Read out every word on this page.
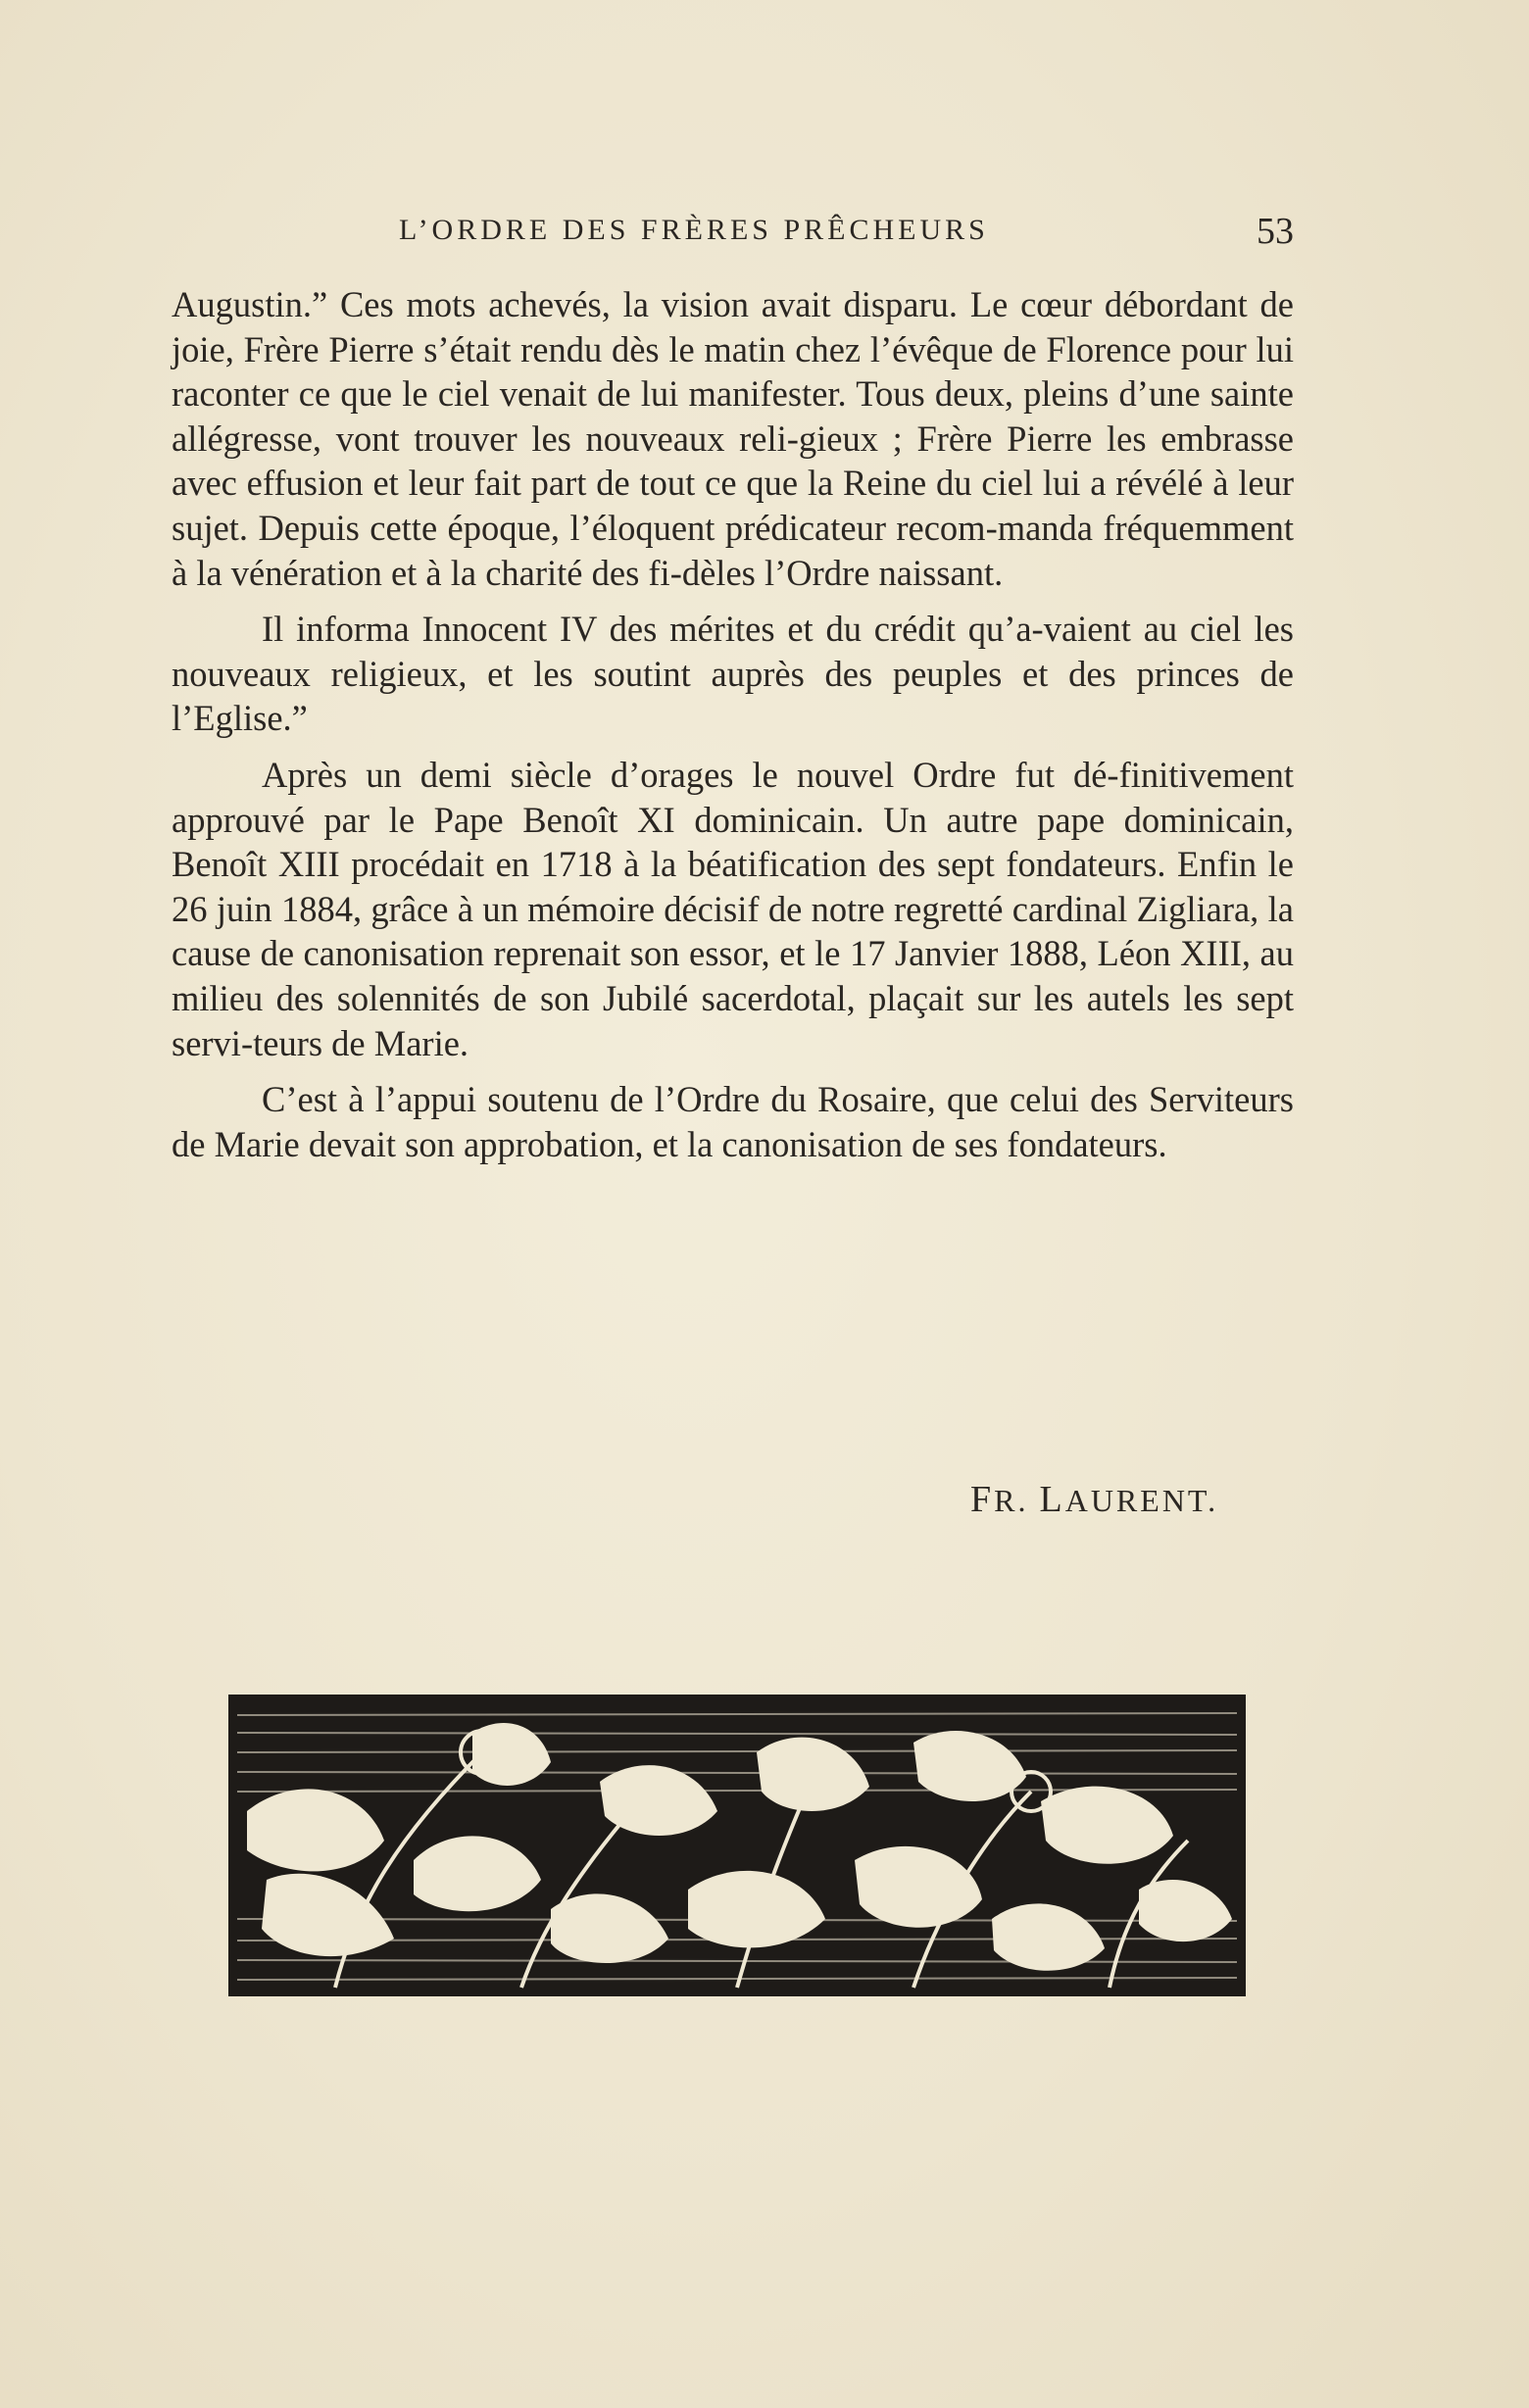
L’ORDRE DES FRÈRES PRÊCHEURS	53

Augustin.” Ces mots achevés, la vision avait disparu. Le cœur débordant de joie, Frère Pierre s’était rendu dès le matin chez l’évêque de Florence pour lui raconter ce que le ciel venait de lui manifester. Tous deux, pleins d’une sainte allégresse, vont trouver les nouveaux reli-gieux ; Frère Pierre les embrasse avec effusion et leur fait part de tout ce que la Reine du ciel lui a révélé à leur sujet. Depuis cette époque, l’éloquent prédicateur recom-manda fréquemment à la vénération et à la charité des fi-dèles l’Ordre naissant.

Il informa Innocent IV des mérites et du crédit qu’a-vaient au ciel les nouveaux religieux, et les soutint auprès des peuples et des princes de l’Eglise.”

Après un demi siècle d’orages le nouvel Ordre fut dé-finitivement approuvé par le Pape Benoît XI dominicain. Un autre pape dominicain, Benoît XIII procédait en 1718 à la béatification des sept fondateurs. Enfin le 26 juin 1884, grâce à un mémoire décisif de notre regretté cardinal Zigliara, la cause de canonisation reprenait son essor, et le 17 Janvier 1888, Léon XIII, au milieu des solennités de son Jubilé sacerdotal, plaçait sur les autels les sept servi-teurs de Marie.

C’est à l’appui soutenu de l’Ordre du Rosaire, que celui des Serviteurs de Marie devait son approbation, et la canonisation de ses fondateurs.

FR. LAURENT.
